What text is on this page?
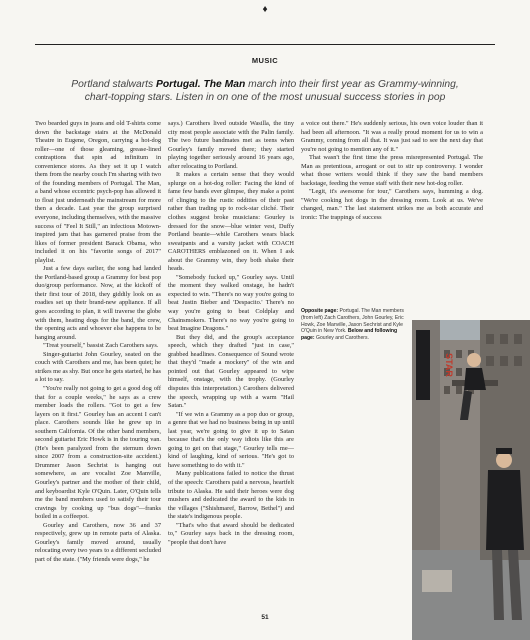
♦
MUSIC
Portland stalwarts Portugal. The Man march into their first year as Grammy-winning, chart-topping stars. Listen in on one of the most unusual success stories in pop

Two bearded guys in jeans and old T-shirts come down the backstage stairs at the McDonald Theatre in Eugene, Oregon, carrying a hot-dog roller—one of those gleaming, grease-lined contraptions that spin ad infinitum in convenience stores. As they set it up I watch them from the nearby couch I'm sharing with two of the founding members of Portugal. The Man, a band whose eccentric psych-pop has allowed it to float just underneath the mainstream for more then a decade. Last year the group surprised everyone, including themselves, with the massive success of "Feel It Still," an infectious Motown-inspired jam that has garnered praise from the likes of former president Barack Obama, who included it on his "favorite songs of 2017" playlist.

Just a few days earlier, the song had landed the Portland-based group a Grammy for best pop duo/group performance. Now, at the kickoff of their first tour of 2018, they giddily look on as roadies set up their brand-new appliance. If all goes according to plan, it will traverse the globe with them, heating dogs for the band, the crew, the opening acts and whoever else happens to be hanging around.

"Treat yourself," bassist Zach Carothers says.

Singer-guitarist John Gourley, seated on the couch with Carothers and me, has been quiet; he strikes me as shy. But once he gets started, he has a lot to say.

"You're really not going to get a good dog off that for a couple weeks," he says as a crew member loads the rollers. "Got to get a few layers on it first." Gourley has an accent I can't place. Carothers sounds like he grew up in southern California. Of the other band members, second guitarist Eric Howk is in the touring van. (He's been paralyzed from the sternum down since 2007 from a construction-site accident.) Drummer Jason Sechrist is hanging out somewhere, as are vocalist Zoe Manville, Gourley's partner and the mother of their child, and keyboardist Kyle O'Quin. Later, O'Quin tells me the band members used to satisfy their tour cravings by cooking up "bus dogs"—franks boiled in a coffeepot.

Gourley and Carothers, now 36 and 37 respectively, grew up in remote parts of Alaska. Gourley's family moved around, usually relocating every two years to a different secluded part of the state. ("My friends were dogs," he

says.) Carothers lived outside Wasilla, the tiny city most people associate with the Palin family. The two future bandmates met as teens when Gourley's family moved there; they started playing together seriously around 16 years ago, after relocating to Portland.

It makes a certain sense that they would splurge on a hot-dog roller: Facing the kind of fame few bands ever glimpse, they make a point of clinging to the rustic oddities of their past rather than trading up to rock-star cliché. Their clothes suggest broke musicians: Gourley is dressed for the snow—blue winter vest, Duffy Portland beanie—while Carothers wears black sweatpants and a varsity jacket with COACH CAROTHERS emblazoned on it. When I ask about the Grammy win, they both shake their heads.

"Somebody fucked up," Gourley says. Until the moment they walked onstage, he hadn't expected to win. "There's no way you're going to beat Justin Bieber and 'Despacito.' There's no way you're going to beat Coldplay and Chainsmokers. There's no way you're going to beat Imagine Dragons."

But they did, and the group's acceptance speech, which they drafted "just in case," grabbed headlines. Consequence of Sound wrote that they'd "made a mockery" of the win and pointed out that Gourley appeared to wipe himself, onstage, with the trophy. (Gourley disputes this interpretation.) Carothers delivered the speech, wrapping up with a warm "Hail Satan."

"If we win a Grammy as a pop duo or group, a genre that we had no business being in up until last year, we're going to give it up to Satan because that's the only way idiots like this are going to get on that stage," Gourley tells me—kind of laughing, kind of serious. "He's got to have something to do with it."

Many publications failed to notice the thrust of the speech: Carothers paid a nervous, heartfelt tribute to Alaska. He said their heroes were dog mushers and dedicated the award to the kids in the villages ("Shishmaref, Barrow, Bethel") and the state's indigenous people.

"That's who that award should be dedicated to," Gourley says back in the dressing room, "people that don't have

a voice out there." He's suddenly serious, his own voice louder than it had been all afternoon. "It was a really proud moment for us to win a Grammy, coming from all that. It was just sad to see the next day that you're not going to mention any of it."

That wasn't the first time the press misrepresented Portugal. The Man as pretentious, arrogant or out to stir up controversy. I wonder what those writers would think if they saw the band members backstage, feeding the venue staff with their new hot-dog roller.

"Legit, it's awesome for tour," Carothers says, humming a dog. "We're cooking hot dogs in the dressing room. Look at us. We've changed, man." The last statement strikes me as both accurate and ironic: The trappings of success

Opposite page: Portugal. The Man members (from left) Zach Carothers, John Gourley, Eric Howk, Zoe Manville, Jason Sechrist and Kyle O'Quin in New York. Below and following page: Gourley and Carothers.
STAR
51
